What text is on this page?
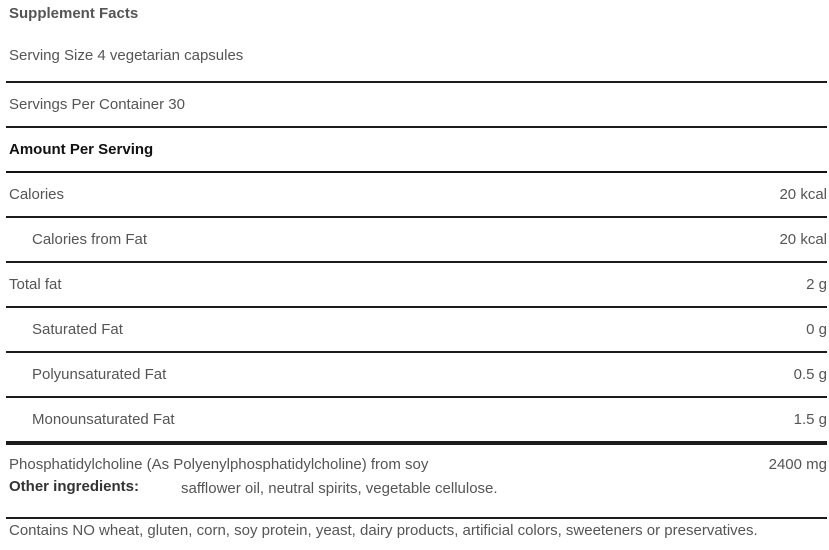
Supplement Facts
Serving Size 4 vegetarian capsules
Servings Per Container 30
Amount Per Serving
Calories	20 kcal
Calories from Fat	20 kcal
Total fat	2 g
Saturated Fat	0 g
Polyunsaturated Fat	0.5 g
Monounsaturated Fat	1.5 g
Phosphatidylcholine (As Polyenylphosphatidylcholine) from soy	2400 mg
Other ingredients:	safflower oil, neutral spirits, vegetable cellulose.
Contains NO wheat, gluten, corn, soy protein, yeast, dairy products, artificial colors, sweeteners or preservatives.
